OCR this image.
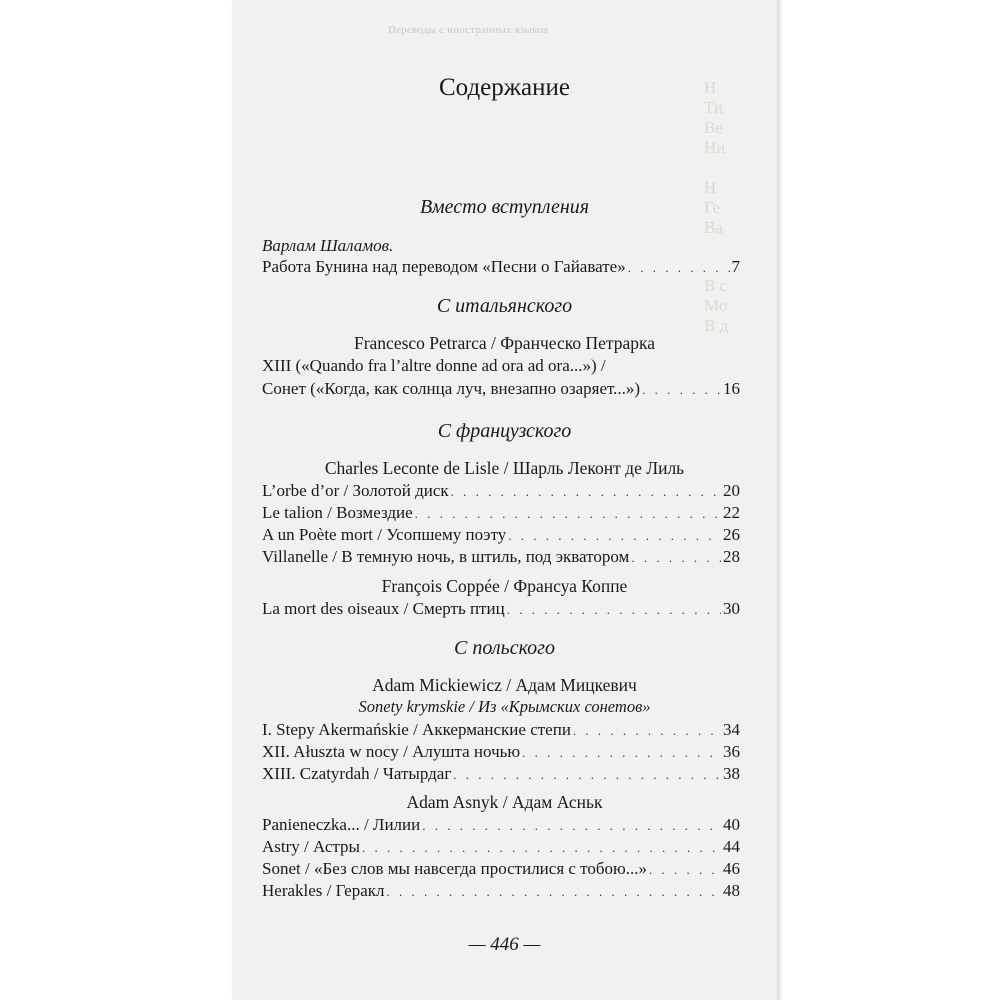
Переводы с иностранных языков
Н
Ти
Ве
Ни
Н
Ге
Ва
В с
Мо
В д
Содержание
Вместо вступления
Варлам Шаламов.
Работа Бунина над переводом «Песни о Гайавате» . . .	7
С итальянского
Francesco Petrarca / Франческо Петрарка
XIII («Quando fra l’altre donne ad ora ad ora...») /
Сонет («Когда, как солнца луч, внезапно озаряет...») . . .	16
С французского
Charles Leconte de Lisle / Шарль Леконт де Лиль
L’orbe d’or / Золотой диск . . .	20
Le talion / Возмездие . . .	22
A un Poète mort / Усопшему поэту . . .	26
Villanelle / В темную ночь, в штиль, под экватором . . .	28
François Coppée / Франсуа Коппе
La mort des oiseaux / Смерть птиц . . .	30
С польского
Adam Mickiewicz / Адам Мицкевич
Sonety krymskie / Из «Крымских сонетов»
I. Stepy Akermańskie / Аккерманские степи . . .	34
XII. Ałuszta w nocy / Алушта ночью . . .	36
XIII. Czatyrdah / Чатырдаг . . .	38
Adam Asnyk / Адам Асньк
Panieneczka... / Лилии . . .	40
Astry / Астры . . .	44
Sonet / «Без слов мы навсегда простилися с тобою...» . . .	46
Herakles / Геракл . . .	48
— 446 —
